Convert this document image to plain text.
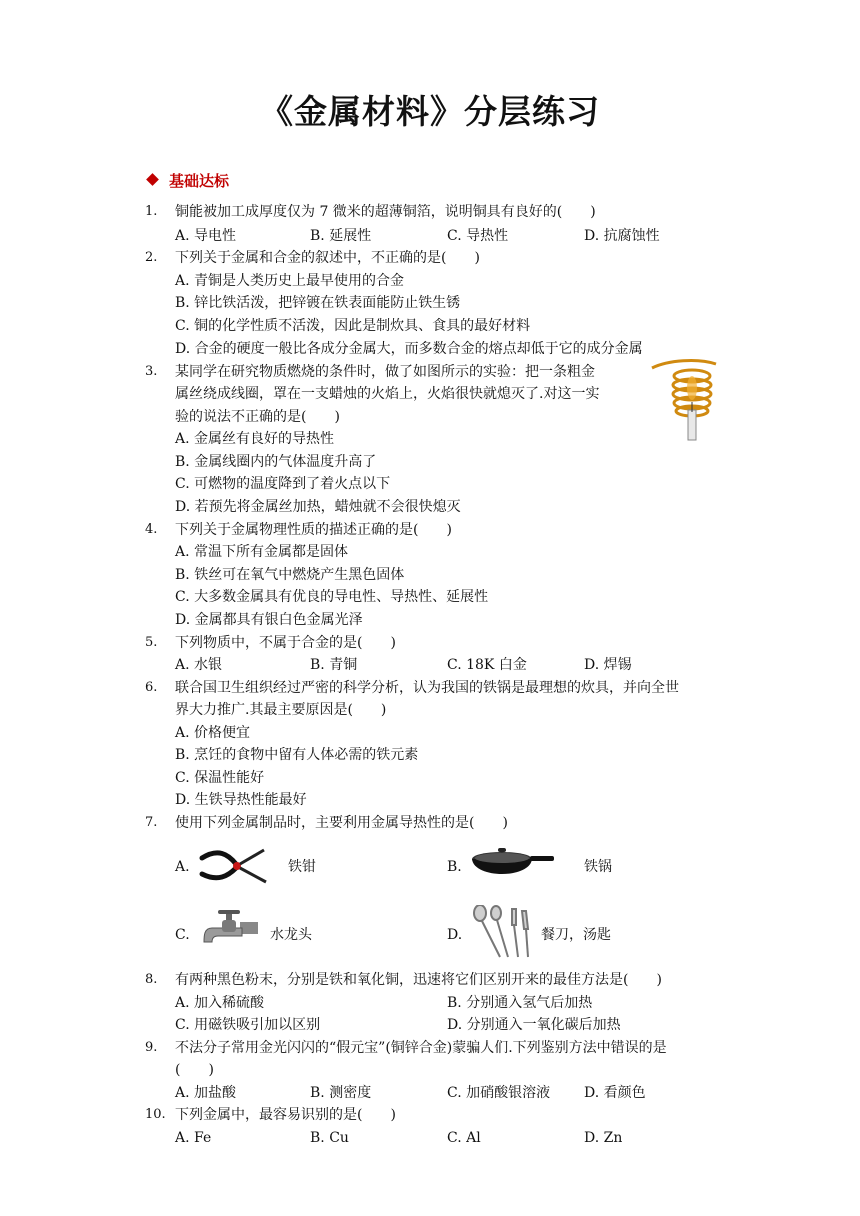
《金属材料》分层练习
基础达标
1. 铜能被加工成厚度仅为 7 微米的超薄铜箔，说明铜具有良好的(　　)
A. 导电性	B. 延展性	C. 导热性	D. 抗腐蚀性
2. 下列关于金属和合金的叙述中，不正确的是(　　)
A. 青铜是人类历史上最早使用的合金
B. 锌比铁活泼，把锌镀在铁表面能防止铁生锈
C. 铜的化学性质不活泼，因此是制炊具、食具的最好材料
D. 合金的硬度一般比各成分金属大，而多数合金的熔点却低于它的成分金属
3. 某同学在研究物质燃烧的条件时，做了如图所示的实验：把一条粗金
属丝绕成线圈，罩在一支蜡烛的火焰上，火焰很快就熄灭了.对这一实
验的说法不正确的是(　　)
A. 金属丝有良好的导热性
B. 金属线圈内的气体温度升高了
C. 可燃物的温度降到了着火点以下
D. 若预先将金属丝加热，蜡烛就不会很快熄灭
4. 下列关于金属物理性质的描述正确的是(　　)
A. 常温下所有金属都是固体
B. 铁丝可在氧气中燃烧产生黑色固体
C. 大多数金属具有优良的导电性、导热性、延展性
D. 金属都具有银白色金属光泽
5. 下列物质中，不属于合金的是(　　)
A. 水银	B. 青铜	C. 18K 白金	D. 焊锡
6. 联合国卫生组织经过严密的科学分析，认为我国的铁锅是最理想的炊具，并向全世
界大力推广.其最主要原因是(　　)
A. 价格便宜
B. 烹饪的食物中留有人体必需的铁元素
C. 保温性能好
D. 生铁导热性能最好
7. 使用下列金属制品时，主要利用金属导热性的是(　　)
A.	铁钳	B.	铁锅
C.	水龙头	D.	餐刀，汤匙
8. 有两种黑色粉末，分别是铁和氧化铜，迅速将它们区别开来的最佳方法是(　　)
A. 加入稀硫酸	B. 分别通入氢气后加热
C. 用磁铁吸引加以区别	D. 分别通入一氧化碳后加热
9. 不法分子常用金光闪闪的“假元宝”(铜锌合金)蒙骗人们.下列鉴别方法中错误的是
(　　)
A. 加盐酸	B. 测密度	C. 加硝酸银溶液 D. 看颜色
10. 下列金属中，最容易识别的是(　　)
A. Fe	B. Cu	C. Al	D. Zn
